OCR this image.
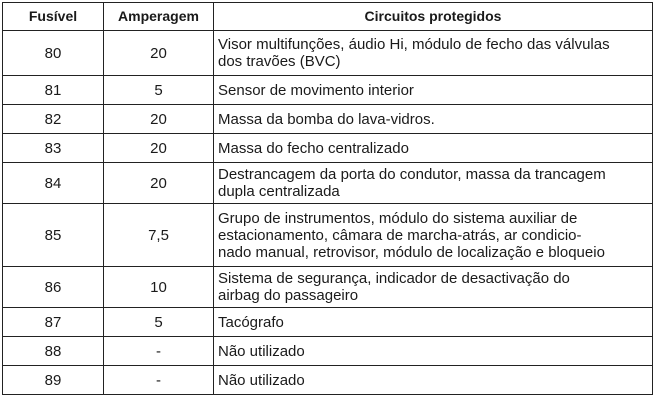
Fusível	Amperagem	Circuitos protegidos
80	20	Visor multifunções, áudio Hi, módulo de fecho das válvulas
dos travões (BVC)
81	5	Sensor de movimento interior
82	20	Massa da bomba do lava-vidros.
83	20	Massa do fecho centralizado
84	20	Destrancagem da porta do condutor, massa da trancagem
dupla centralizada
85	7,5	Grupo de instrumentos, módulo do sistema auxiliar de
estacionamento, câmara de marcha-atrás, ar condicio-
nado manual, retrovisor, módulo de localização e bloqueio
86	10	Sistema de segurança, indicador de desactivação do
airbag do passageiro
87	5	Tacógrafo
88	-	Não utilizado
89	-	Não utilizado
